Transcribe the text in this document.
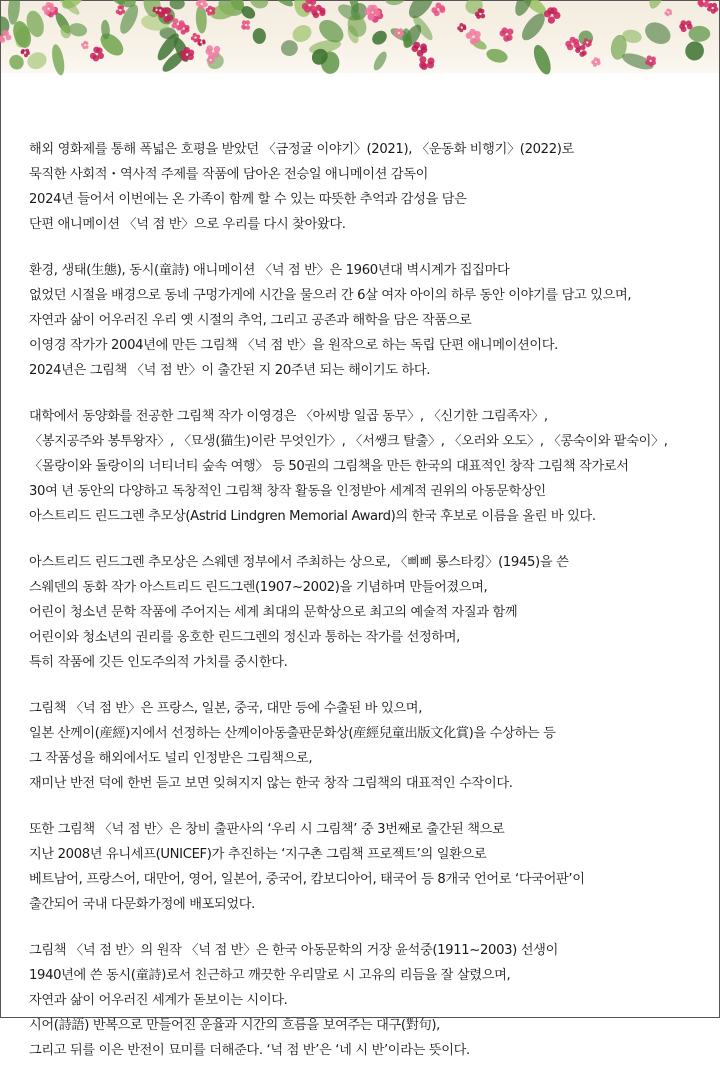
해외 영화제를 통해 폭넓은 호평을 받았던 〈금정굴 이야기〉(2021), 〈운동화 비행기〉(2022)로
묵직한 사회적・역사적 주제를 작품에 담아온 전승일 애니메이션 감독이
2024년 들어서 이번에는 온 가족이 함께 할 수 있는 따뜻한 추억과 감성을 담은
단편 애니메이션 〈넉 점 반〉으로 우리를 다시 찾아왔다.
환경, 생태(生態), 동시(童詩) 애니메이션 〈넉 점 반〉은 1960년대 벽시계가 집집마다
없었던 시절을 배경으로 동네 구멍가게에 시간을 물으러 간 6살 여자 아이의 하루 동안 이야기를 담고 있으며,
자연과 삶이 어우러진 우리 옛 시절의 추억, 그리고 공존과 해학을 담은 작품으로
이영경 작가가 2004년에 만든 그림책 〈넉 점 반〉을 원작으로 하는 독립 단편 애니메이션이다.
2024년은 그림책 〈넉 점 반〉이 출간된 지 20주년 되는 해이기도 하다.
대학에서 동양화를 전공한 그림책 작가 이영경은 〈아씨방 일곱 동무〉, 〈신기한 그림족자〉,
〈봉지공주와 봉투왕자〉, 〈묘생(猫生)이란 무엇인가〉, 〈서쌩크 탈출〉, 〈오러와 오도〉, 〈콩숙이와 팥숙이〉,
〈몰랑이와 돌랑이의 너티너티 숲속 여행〉 등 50권의 그림책을 만든 한국의 대표적인 창작 그림책 작가로서
30여 년 동안의 다양하고 독창적인 그림책 창작 활동을 인정받아 세계적 권위의 아동문학상인
아스트리드 린드그렌 추모상(Astrid Lindgren Memorial Award)의 한국 후보로 이름을 올린 바 있다.
아스트리드 린드그렌 추모상은 스웨덴 정부에서 주최하는 상으로, 〈삐삐 롱스타킹〉(1945)을 쓴
스웨덴의 동화 작가 아스트리드 린드그렌(1907~2002)을 기념하며 만들어졌으며,
어린이 청소년 문학 작품에 주어지는 세계 최대의 문학상으로 최고의 예술적 자질과 함께
어린이와 청소년의 권리를 옹호한 린드그렌의 정신과 통하는 작가를 선정하며,
특히 작품에 깃든 인도주의적 가치를 중시한다.
그림책 〈넉 점 반〉은 프랑스, 일본, 중국, 대만 등에 수출된 바 있으며,
일본 산께이(産經)지에서 선정하는 산께이아동출판문화상(産經兒童出版文化賞)을 수상하는 등
그 작품성을 해외에서도 널리 인정받은 그림책으로,
재미난 반전 덕에 한번 듣고 보면 잊혀지지 않는 한국 창작 그림책의 대표적인 수작이다.
또한 그림책 〈넉 점 반〉은 창비 출판사의 ‘우리 시 그림책’ 중 3번째로 출간된 책으로
지난 2008년 유니세프(UNICEF)가 추진하는 ‘지구촌 그림책 프로젝트’의 일환으로
베트남어, 프랑스어, 대만어, 영어, 일본어, 중국어, 캄보디아어, 태국어 등 8개국 언어로 ‘다국어판’이
출간되어 국내 다문화가정에 배포되었다.
그림책 〈넉 점 반〉의 원작 〈넉 점 반〉은 한국 아동문학의 거장 윤석중(1911~2003) 선생이
1940년에 쓴 동시(童詩)로서 친근하고 깨끗한 우리말로 시 고유의 리듬을 잘 살렸으며,
자연과 삶이 어우러진 세계가 돋보이는 시이다.
시어(詩語) 반복으로 만들어진 운율과 시간의 흐름을 보여주는 대구(對句),
그리고 뒤를 이은 반전이 묘미를 더해준다. ‘넉 점 반’은 ‘네 시 반’이라는 뜻이다.
